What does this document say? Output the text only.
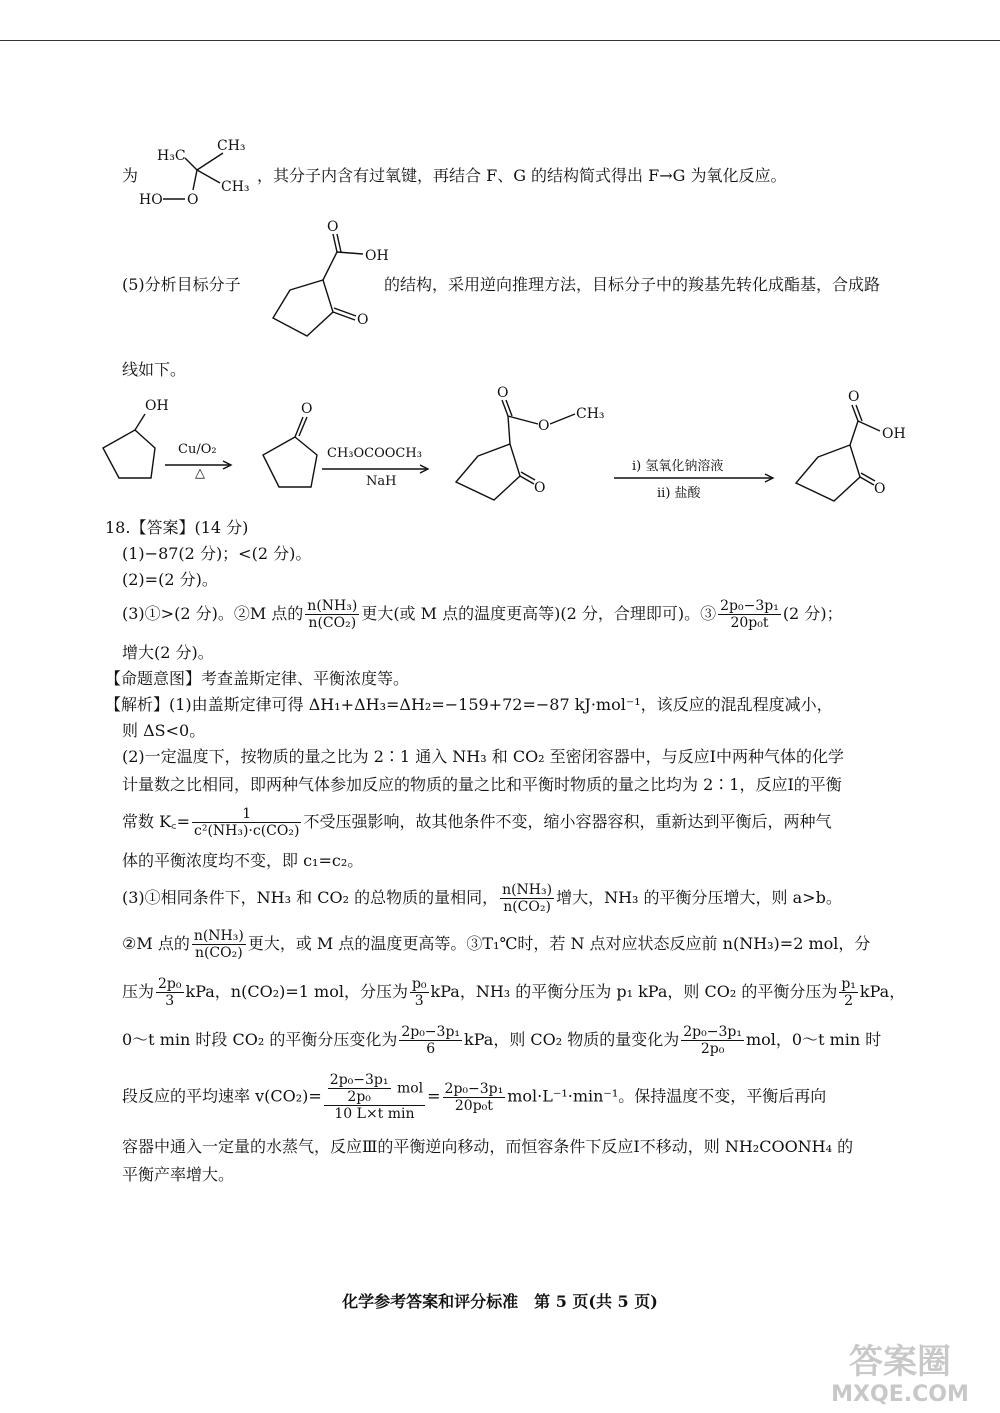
为
CH₃
H₃C
CH₃
HO O
，其分子内含有过氧键，再结合 F、G 的结构简式得出 F→G 为氧化反应。
(5)分析目标分子
O
OH
O
的结构，采用逆向推理方法，目标分子中的羧基先转化成酯基，合成路
线如下。
OH
Cu/O₂
△
O
CH₃OCOOCH₃
NaH
O
O
CH₃
O
i) 氢氧化钠溶液
ii) 盐酸
O
OH
O
18.【答案】(14 分)
(1)−87(2 分)；<(2 分)。
(2)=(2 分)。
(3)①>(2 分)。②M 点的 $\frac{\text{n(NH₃)}}{\text{n(CO₂)}}$ 更大(或 M 点的温度更高等)(2 分，合理即可)。③ $\frac{\text{2p₀−3p₁}}{\text{20p₀t}} (2$ 分)；
增大(2 分)。
【命题意图】考查盖斯定律、平衡浓度等。
【解析】(1)由盖斯定律可得 ΔH₁+ΔH₃=ΔH₂=−159+72=−87 kJ·mol⁻¹，该反应的混乱程度减小，
则 ΔS<0。
(2)一定温度下，按物质的量之比为 2∶1 通入 NH₃ 和 CO₂ 至密闭容器中，与反应Ⅰ中两种气体的化学
计量数之比相同，即两种气体参加反应的物质的量之比和平衡时物质的量之比均为 2∶1，反应Ⅰ的平衡
常数 K꜀= $\frac{1}{\text{c²(NH₃)·c(CO₂)}}$ 不受压强影响，故其他条件不变，缩小容器容积，重新达到平衡后，两种气
体的平衡浓度均不变，即 c₁=c₂。
(3)①相同条件下，NH₃ 和 CO₂ 的总物质的量相同， $\frac{\text{n(NH₃)}}{\text{n(CO₂)}}$ 增大，NH₃ 的平衡分压增大，则 a>b。
②M 点的 $\frac{\text{n(NH₃)}}{\text{n(CO₂)}}$ 更大，或 M 点的温度更高等。③T₁℃时，若 N 点对应状态反应前 n(NH₃)=2 mol，分
压为 $\frac{\text{2p₀}}{3}$ kPa，n(CO₂)=1 mol，分压为 $\frac{\text{p₀}}{3}$ kPa，NH₃ 的平衡分压为 p₁ kPa，则 CO₂ 的平衡分压为 $\frac{\text{p₁}}{2}$ kPa，
0～t min 时段 CO₂ 的平衡分压变化为 $\frac{\text{2p₀−3p₁}}{6}$ kPa，则 CO₂ 物质的量变化为 $\frac{\text{2p₀−3p₁}}{\text{2p₀}}$ mol，0～t min 时
段反应的平均速率 $v(CO_2)= \frac{\frac{\text{2p₀−3p₁}}{\text{2p₀}} mol}{\text{10 L×t min}} = \frac{\text{2p₀−3p₁}}{\text{20p₀t}} mol\cdot L^{-1}\cdot\min^{-1}$。保持温度不变，平衡后再向
容器中通入一定量的水蒸气，反应Ⅲ的平衡逆向移动，而恒容条件下反应Ⅰ不移动，则 NH₂COONH₄ 的
平衡产率增大。
化学参考答案和评分标准　第 5 页(共 5 页)
答案圈
MXQE.COM
